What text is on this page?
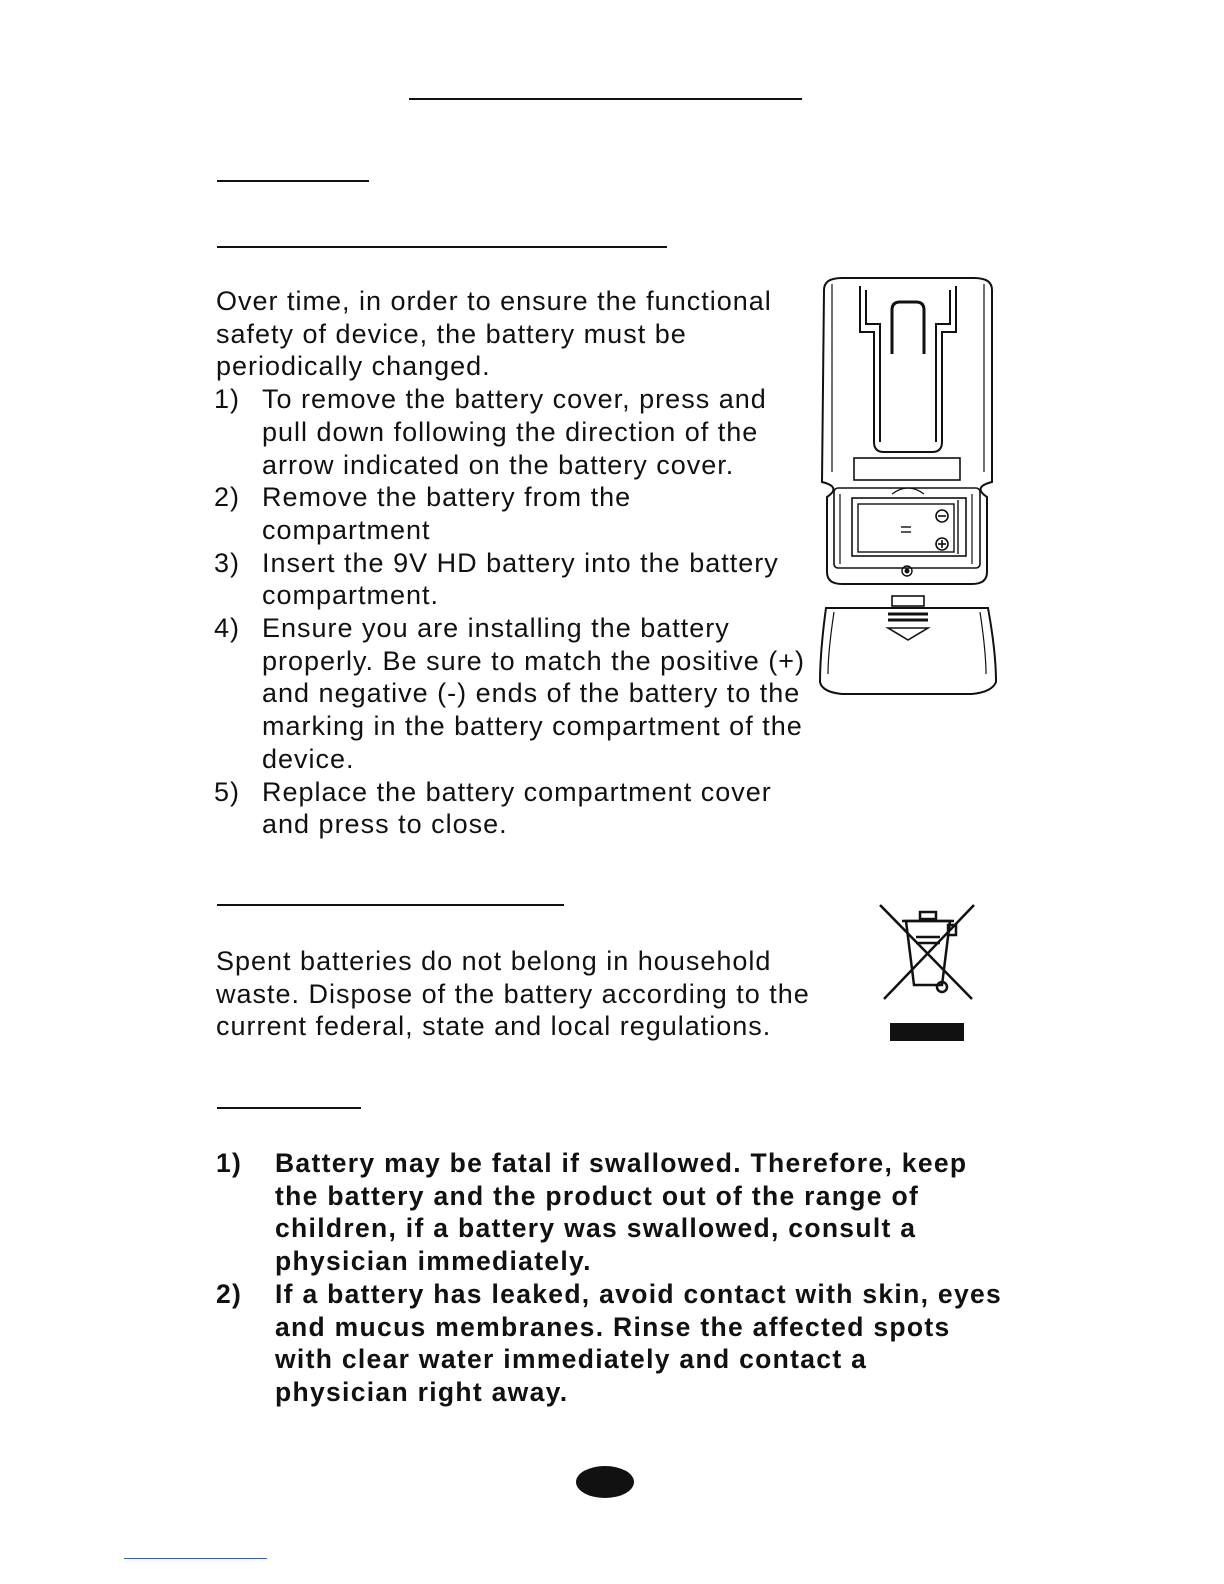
Over time, in order to ensure the functional safety of device, the battery must be periodically changed.

1) To remove the battery cover, press and pull down following the direction of the arrow indicated on the battery cover.
2) Remove the battery from the compartment
3) Insert the 9V HD battery into the battery compartment.
4) Ensure you are installing the battery properly. Be sure to match the positive (+) and negative (-) ends of the battery to the marking in the battery compartment of the device.
5) Replace the battery compartment cover and press to close.

Spent batteries do not belong in household waste. Dispose of the battery according to the current federal, state and local regulations.

1) Battery may be fatal if swallowed. Therefore, keep the battery and the product out of the range of children, if a battery was swallowed, consult a physician immediately.
2) If a battery has leaked, avoid contact with skin, eyes and mucus membranes. Rinse the affected spots with clear water immediately and contact a physician right away.
